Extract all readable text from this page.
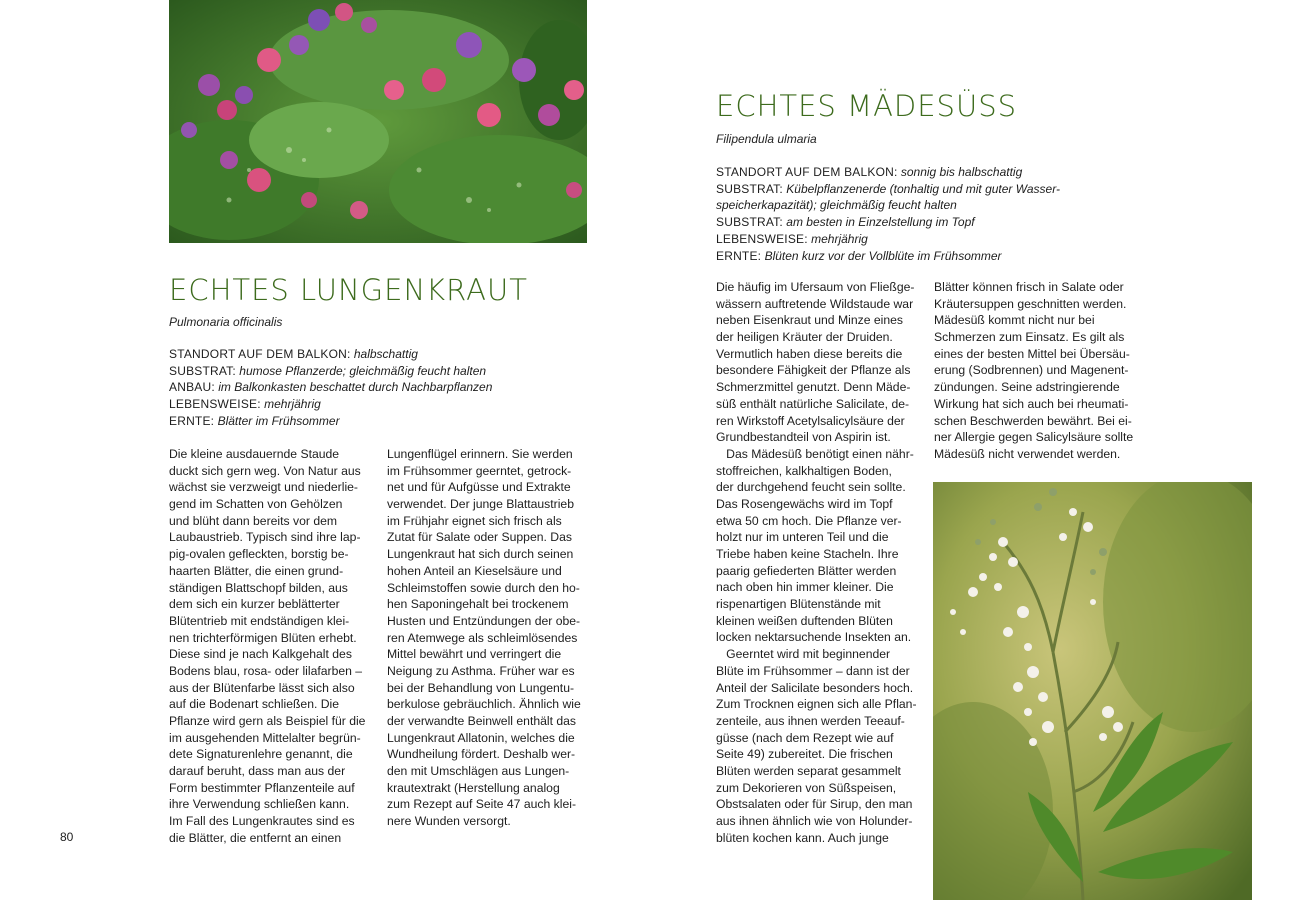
ECHTES LUNGENKRAUT
Pulmonaria officinalis
STANDORT AUF DEM BALKON: halbschattig
SUBSTRAT: humose Pflanzerde; gleichmäßig feucht halten
ANBAU: im Balkonkasten beschattet durch Nachbarpflanzen
LEBENSWEISE: mehrjährig
ERNTE: Blätter im Frühsommer
Die kleine ausdauernde Staude
duckt sich gern weg. Von Natur aus
wächst sie verzweigt und niederlie-
gend im Schatten von Gehölzen
und blüht dann bereits vor dem
Laubaustrieb. Typisch sind ihre lap-
pig-ovalen gefleckten, borstig be-
haarten Blätter, die einen grund-
ständigen Blattschopf bilden, aus
dem sich ein kurzer beblätterter
Blütentrieb mit endständigen klei-
nen trichterförmigen Blüten erhebt.
Diese sind je nach Kalkgehalt des
Bodens blau, rosa- oder lilafarben –
aus der Blütenfarbe lässt sich also
auf die Bodenart schließen. Die
Pflanze wird gern als Beispiel für die
im ausgehenden Mittelalter begrün-
dete Signaturenlehre genannt, die
darauf beruht, dass man aus der
Form bestimmter Pflanzenteile auf
ihre Verwendung schließen kann.
Im Fall des Lungenkrautes sind es
die Blätter, die entfernt an einen
Lungenflügel erinnern. Sie werden
im Frühsommer geerntet, getrock-
net und für Aufgüsse und Extrakte
verwendet. Der junge Blattaustrieb
im Frühjahr eignet sich frisch als
Zutat für Salate oder Suppen. Das
Lungenkraut hat sich durch seinen
hohen Anteil an Kieselsäure und
Schleimstoffen sowie durch den ho-
hen Saponingehalt bei trockenem
Husten und Entzündungen der obe-
ren Atemwege als schleimlösendes
Mittel bewährt und verringert die
Neigung zu Asthma. Früher war es
bei der Behandlung von Lungentu-
berkulose gebräuchlich. Ähnlich wie
der verwandte Beinwell enthält das
Lungenkraut Allatonin, welches die
Wundheilung fördert. Deshalb wer-
den mit Umschlägen aus Lungen-
krautextrakt (Herstellung analog
zum Rezept auf Seite 47 auch klei-
nere Wunden versorgt.
80
ECHTES MÄDESÜSS
Filipendula ulmaria
STANDORT AUF DEM BALKON: sonnig bis halbschattig
SUBSTRAT: Kübelpflanzenerde (tonhaltig und mit guter Wasser-
speicherkapazität); gleichmäßig feucht halten
SUBSTRAT: am besten in Einzelstellung im Topf
LEBENSWEISE: mehrjährig
ERNTE: Blüten kurz vor der Vollblüte im Frühsommer
Die häufig im Ufersaum von Fließge-
wässern auftretende Wildstaude war
neben Eisenkraut und Minze eines
der heiligen Kräuter der Druiden.
Vermutlich haben diese bereits die
besondere Fähigkeit der Pflanze als
Schmerzmittel genutzt. Denn Mäde-
süß enthält natürliche Salicilate, de-
ren Wirkstoff Acetylsalicylsäure der
Grundbestandteil von Aspirin ist.
Das Mädesüß benötigt einen nähr-
stoffreichen, kalkhaltigen Boden,
der durchgehend feucht sein sollte.
Das Rosengewächs wird im Topf
etwa 50 cm hoch. Die Pflanze ver-
holzt nur im unteren Teil und die
Triebe haben keine Stacheln. Ihre
paarig gefiederten Blätter werden
nach oben hin immer kleiner. Die
rispenartigen Blütenstände mit
kleinen weißen duftenden Blüten
locken nektarsuchende Insekten an.
Geerntet wird mit beginnender
Blüte im Frühsommer – dann ist der
Anteil der Salicilate besonders hoch.
Zum Trocknen eignen sich alle Pflan-
zenteile, aus ihnen werden Teeauf-
güsse (nach dem Rezept wie auf
Seite 49) zubereitet. Die frischen
Blüten werden separat gesammelt
zum Dekorieren von Süßspeisen,
Obstsalaten oder für Sirup, den man
aus ihnen ähnlich wie von Holunder-
blüten kochen kann. Auch junge
Blätter können frisch in Salate oder
Kräutersuppen geschnitten werden.
Mädesüß kommt nicht nur bei
Schmerzen zum Einsatz. Es gilt als
eines der besten Mittel bei Übersäu-
erung (Sodbrennen) und Magenent-
zündungen. Seine adstringierende
Wirkung hat sich auch bei rheumati-
schen Beschwerden bewährt. Bei ei-
ner Allergie gegen Salicylsäure sollte
Mädesüß nicht verwendet werden.
